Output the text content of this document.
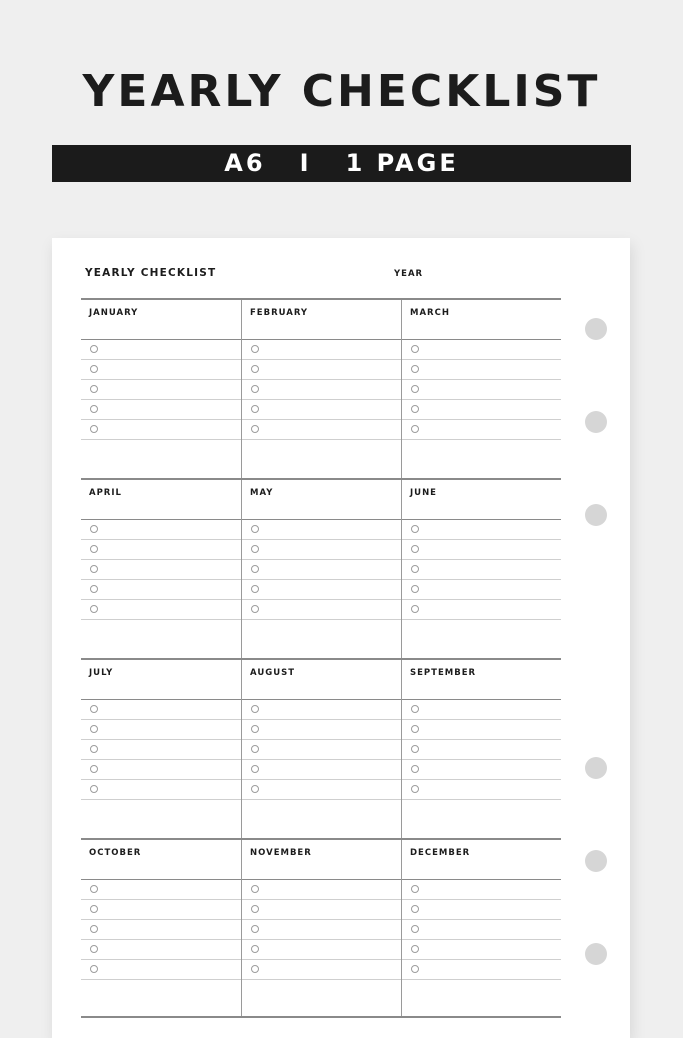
YEARLY CHECKLIST
A6   I   1 PAGE
YEARLY CHECKLIST	YEAR
JANUARY	FEBRUARY	MARCH
APRIL	MAY	JUNE
JULY	AUGUST	SEPTEMBER
OCTOBER	NOVEMBER	DECEMBER
